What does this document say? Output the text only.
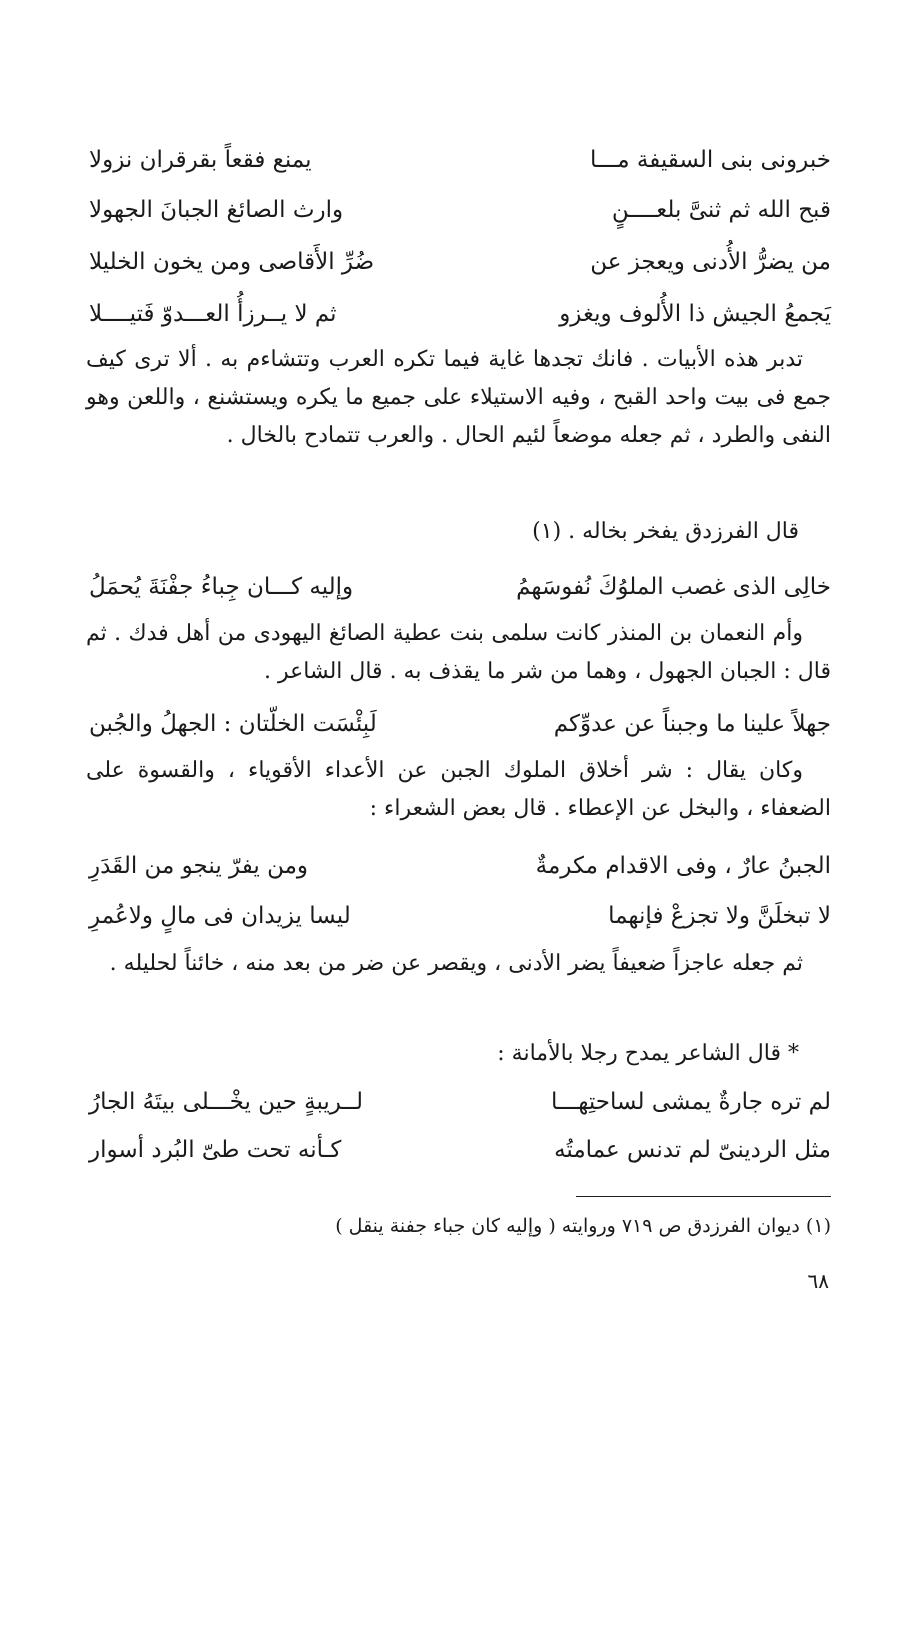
خبرونى بنى السقيفة مـــا
يمنع فقعاً بقرقران نزولا
قبح الله ثم ثنىَّ بلعــــنٍ
وارث الصائغ الجبانَ الجهولا
من يضرُّ الأُدنى ويعجز عن
ضُرِّ الأَقاصى ومن يخون الخليلا
يَجمعُ الجيش ذا الأُلوف ويغزو
ثم لا يــرزأُ العـــدوّ فَتيــــلا

تدبر هذه الأبيات . فانك تجدها غاية فيما تكره العرب وتتشاءم به . ألا ترى كيف جمع فى بيت واحد القبح ، وفيه الاستيلاء على جميع ما يكره ويستشنع ، واللعن وهو النفى والطرد ، ثم جعله موضعاً لئيم الحال . والعرب تتمادح بالخال .

قال الفرزدق يفخر بخاله . (١)
خالِى الذى غصب الملوُكَ نُفوسَهمُ
وإليه كـــان جِباءُ جفْنَةَ يُحمَلُ

وأم النعمان بن المنذر كانت سلمى بنت عطية الصائغ اليهودى من أهل فدك . ثم قال : الجبان الجهول ، وهما من شر ما يقذف به . قال الشاعر .

جهلاً علينا ما وجبناً عن عدوِّكم
لَبِئْسَت الخلّتان : الجهلُ والجُبن

وكان يقال : شر أخلاق الملوك الجبن عن الأعداء الأقوياء ، والقسوة على الضعفاء ، والبخل عن الإعطاء . قال بعض الشعراء :

الجبنُ عارٌ ، وفى الاقدام مكرمةٌ
ومن يفرّ ينجو من القَدَرِ
لا تبخلَنَّ ولا تجزعْ فإنهما
ليسا يزيدان فى مالٍ ولاعُمرِ

ثم جعله عاجزاً ضعيفاً يضر الأدنى ، ويقصر عن ضر من بعد منه ، خائناً لحليله .

* قال الشاعر يمدح رجلا بالأمانة :
لم تره جارةٌ يمشى لساحتِهـــا
لــريبةٍ حين يخْـــلى بيتَهُ الجارُ
مثل الردينىّ لم تدنس عمامتُه
كـأنه تحت طىّ البُرد أسوار
(١) ديوان الفرزدق ص ٧١٩ وروايته ( وإليه كان جباء جفنة ينقل )
٦٨
